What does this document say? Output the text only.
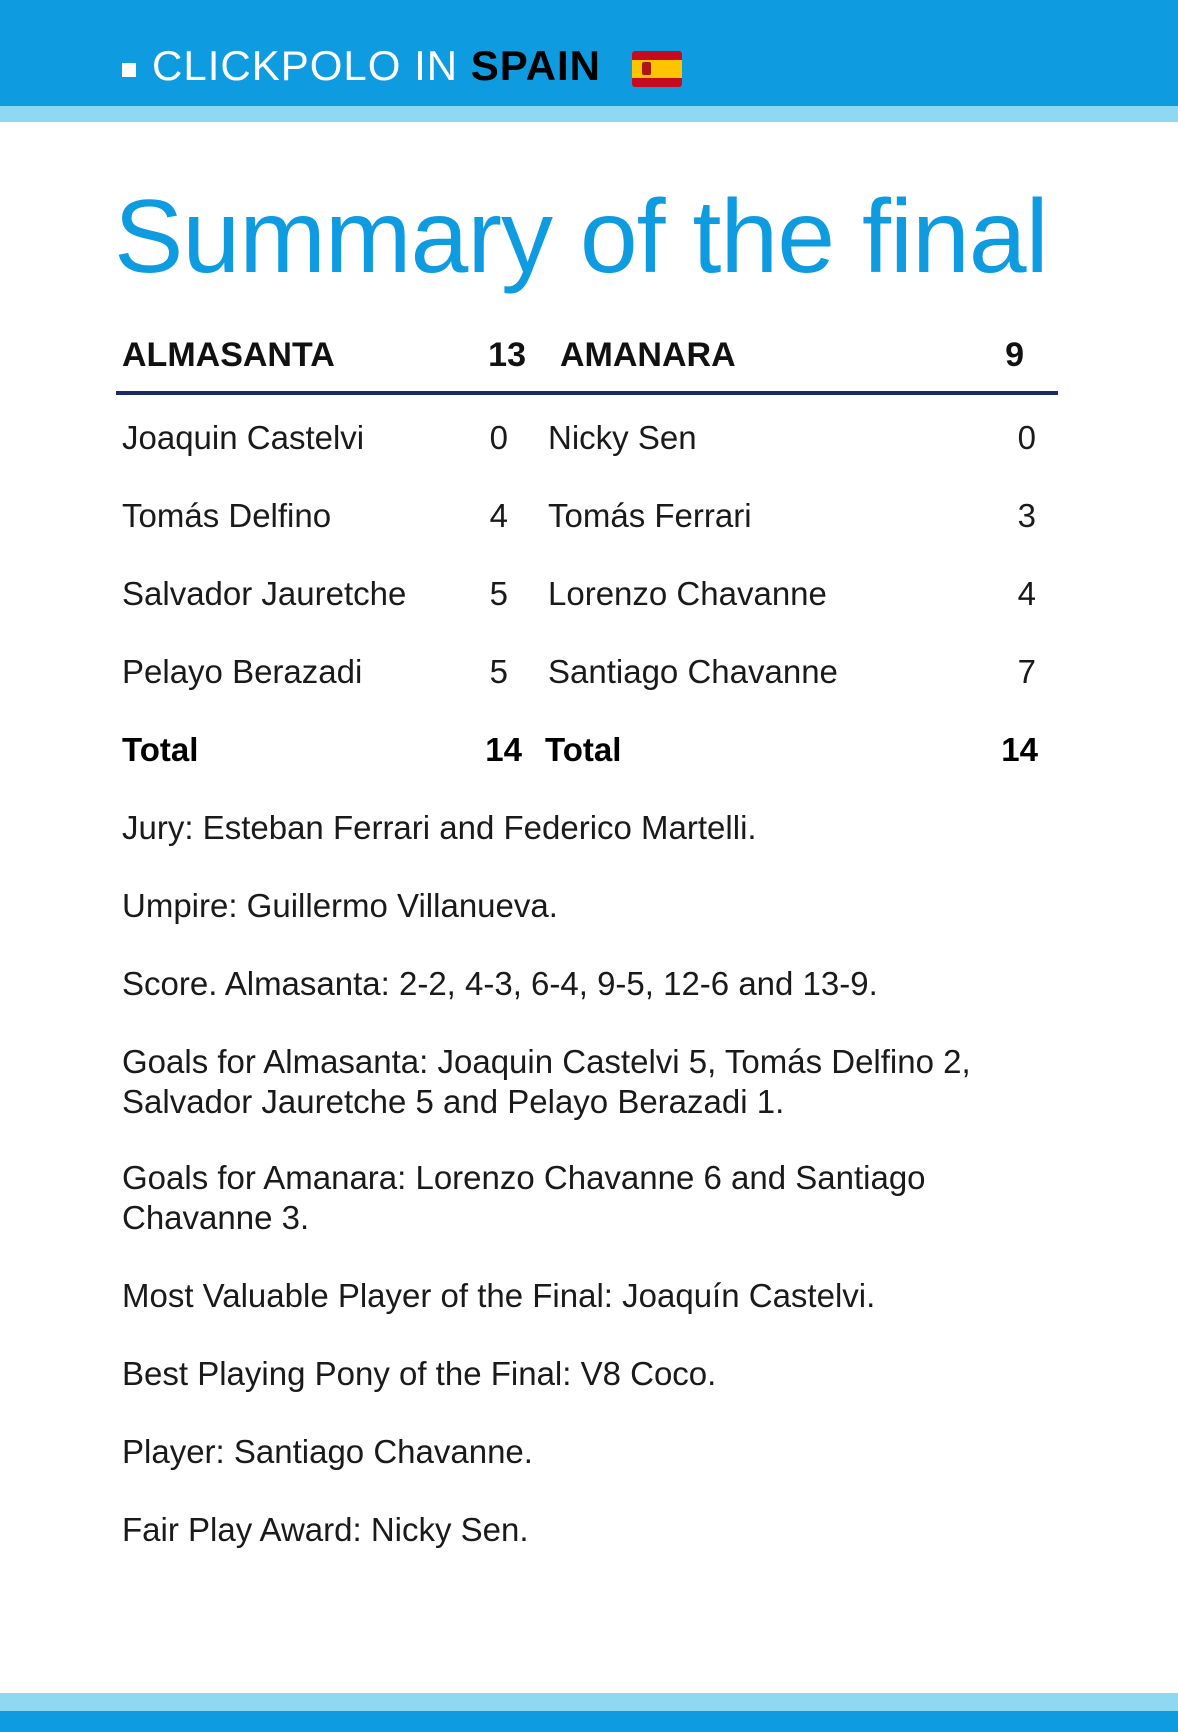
CLICKPOLO IN SPAIN
Summary of the final
ALMASANTA	13 AMANARA	9
Joaquin Castelvi	0 Nicky Sen	0
Tomás Delfino	4 Tomás Ferrari	3
Salvador Jauretche	5 Lorenzo Chavanne	4
Pelayo Berazadi	5 Santiago Chavanne	7
Total	14 Total	14
Jury: Esteban Ferrari and Federico Martelli.
Umpire: Guillermo Villanueva.
Score. Almasanta: 2-2, 4-3, 6-4, 9-5, 12-6 and 13-9.
Goals for Almasanta: Joaquin Castelvi 5, Tomás Delfino 2, Salvador Jauretche 5 and Pelayo Berazadi 1.
Goals for Amanara: Lorenzo Chavanne 6 and Santiago Chavanne 3.
Most Valuable Player of the Final: Joaquín Castelvi.
Best Playing Pony of the Final: V8 Coco.
Player: Santiago Chavanne.
Fair Play Award: Nicky Sen.
